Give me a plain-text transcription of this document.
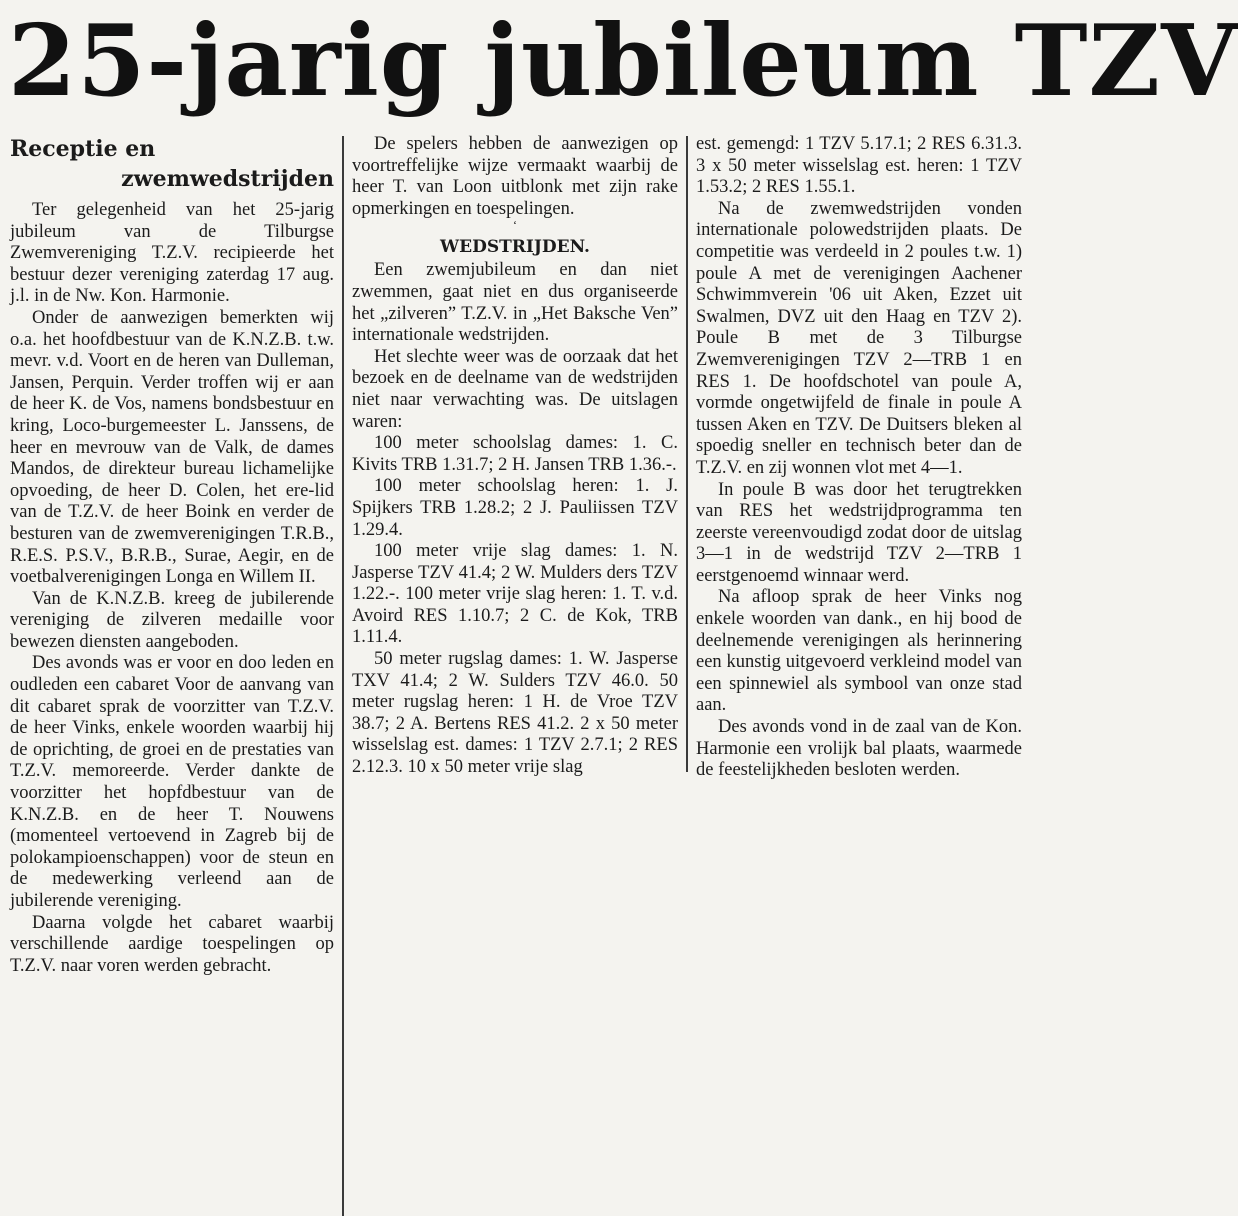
25-jarig jubileum TZV
Receptie en
zwemwedstrijden

Ter gelegenheid van het 25-jarig jubileum van de Tilburgse Zwemvereniging T.Z.V. recipieerde het bestuur dezer vereniging zaterdag 17 aug. j.l. in de Nw. Kon. Harmonie.

Onder de aanwezigen bemerkten wij o.a. het hoofdbestuur van de K.N.Z.B. t.w. mevr. v.d. Voort en de heren van Dulleman, Jansen, Perquin. Verder troffen wij er aan de heer K. de Vos, namens bondsbestuur en kring, Loco-burgemeester L. Janssens, de heer en mevrouw van de Valk, de dames Mandos, de direkteur bureau lichamelijke opvoeding, de heer D. Colen, het ere-lid van de T.Z.V. de heer Boink en verder de besturen van de zwemverenigingen T.R.B., R.E.S. P.S.V., B.R.B., Surae, Aegir, en de voetbalverenigingen Longa en Willem II.

Van de K.N.Z.B. kreeg de jubilerende vereniging de zilveren medaille voor bewezen diensten aangeboden.

Des avonds was er voor en doo leden en oudleden een cabaret Voor de aanvang van dit cabaret sprak de voorzitter van T.Z.V. de heer Vinks, enkele woorden waarbij hij de oprichting, de groei en de prestaties van T.Z.V. memoreerde. Verder dankte de voorzitter het hopfdbestuur van de K.N.Z.B. en de heer T. Nouwens (momenteel vertoevend in Zagreb bij de polokampioenschappen) voor de steun en de medewerking verleend aan de jubilerende vereniging.

Daarna volgde het cabaret waarbij verschillende aardige toespelingen op T.Z.V. naar voren werden gebracht.

De spelers hebben de aanwezigen op voortreffelijke wijze vermaakt waarbij de heer T. van Loon uitblonk met zijn rake opmerkingen en toespelingen.

‘
WEDSTRIJDEN.

Een zwemjubileum en dan niet zwemmen, gaat niet en dus organiseerde het „zilveren” T.Z.V. in „Het Baksche Ven” internationale wedstrijden.

Het slechte weer was de oorzaak dat het bezoek en de deelname van de wedstrijden niet naar verwachting was. De uitslagen waren:

100 meter schoolslag dames: 1. C. Kivits TRB 1.31.7; 2 H. Jansen TRB 1.36.-.

100 meter schoolslag heren: 1. J. Spijkers TRB 1.28.2; 2 J. Pauliissen TZV 1.29.4.

100 meter vrije slag dames: 1. N. Jasperse TZV 41.4; 2 W. Mulders ders TZV 1.22.-. 100 meter vrije slag heren: 1. T. v.d. Avoird RES 1.10.7; 2 C. de Kok, TRB 1.11.4.

50 meter rugslag dames: 1. W. Jasperse TXV 41.4; 2 W. Sulders TZV 46.0. 50 meter rugslag heren: 1 H. de Vroe TZV 38.7; 2 A. Bertens RES 41.2. 2 x 50 meter wisselslag est. dames: 1 TZV 2.7.1; 2 RES 2.12.3. 10 x 50 meter vrije slag

est. gemengd: 1 TZV 5.17.1; 2 RES 6.31.3. 3 x 50 meter wisselslag est. heren: 1 TZV 1.53.2; 2 RES 1.55.1.

Na de zwemwedstrijden vonden internationale polowedstrijden plaats. De competitie was verdeeld in 2 poules t.w. 1) poule A met de verenigingen Aachener Schwimmverein '06 uit Aken, Ezzet uit Swalmen, DVZ uit den Haag en TZV 2). Poule B met de 3 Tilburgse Zwemverenigingen TZV 2—TRB 1 en RES 1. De hoofdschotel van poule A, vormde ongetwijfeld de finale in poule A tussen Aken en TZV. De Duitsers bleken al spoedig sneller en technisch beter dan de T.Z.V. en zij wonnen vlot met 4—1.

In poule B was door het terugtrekken van RES het wedstrijdprogramma ten zeerste vereenvoudigd zodat door de uitslag 3—1 in de wedstrijd TZV 2—TRB 1 eerstgenoemd winnaar werd.

Na afloop sprak de heer Vinks nog enkele woorden van dank., en hij bood de deelnemende verenigingen als herinnering een kunstig uitgevoerd verkleind model van een spinnewiel als symbool van onze stad aan.

Des avonds vond in de zaal van de Kon. Harmonie een vrolijk bal plaats, waarmede de feestelijkheden besloten werden.
